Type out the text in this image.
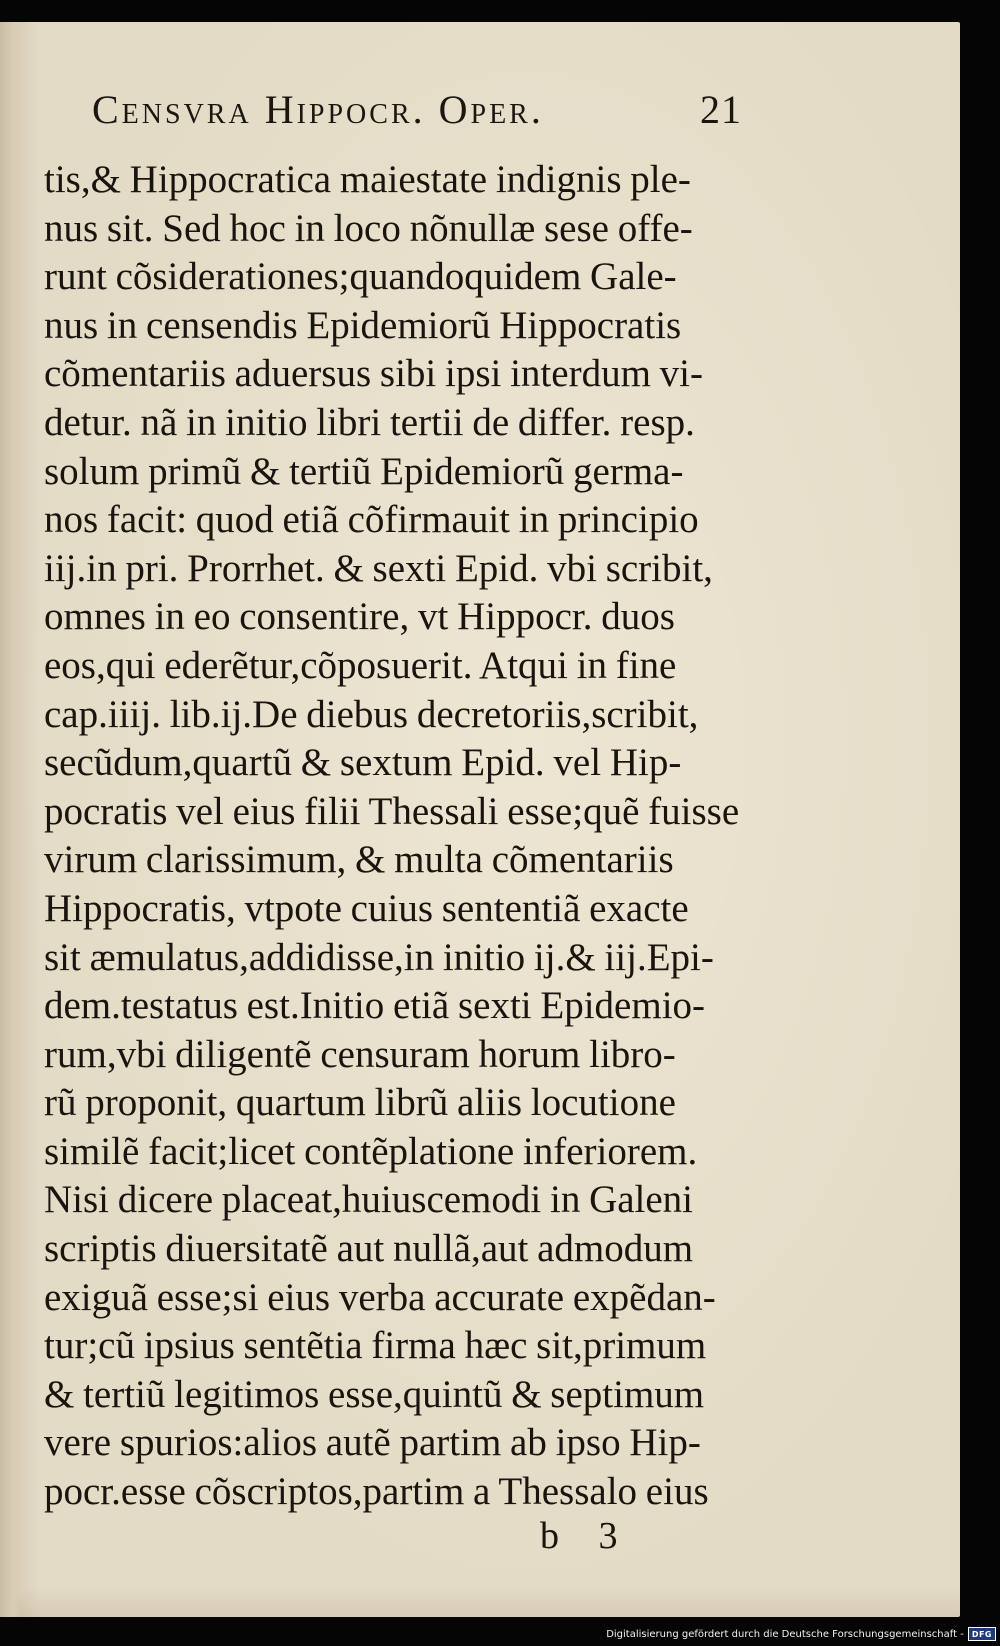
Censvra Hippocr. Oper.	21
tis,& Hippocratica maiestate indignis ple-
nus sit. Sed hoc in loco nõnullæ sese offe-
runt cõsiderationes;quandoquidem Gale-
nus in censendis Epidemiorũ Hippocratis
cõmentariis aduersus sibi ipsi interdum vi-
detur. nã in initio libri tertii de differ. resp.
solum primũ & tertiũ Epidemiorũ germa-
nos facit: quod etiã cõfirmauit in principio
iij.in pri. Prorrhet. & sexti Epid. vbi scribit,
omnes in eo consentire, vt Hippocr. duos
eos,qui ederẽtur,cõposuerit. Atqui in fine
cap.iiij. lib.ij.De diebus decretoriis,scribit,
secũdum,quartũ & sextum Epid. vel Hip-
pocratis vel eius filii Thessali esse;quẽ fuisse
virum clarissimum, & multa cõmentariis
Hippocratis, vtpote cuius sententiã exacte
sit æmulatus,addidisse,in initio ij.& iij.Epi-
dem.testatus est.Initio etiã sexti Epidemio-
rum,vbi diligentẽ censuram horum libro-
rũ proponit, quartum librũ aliis locutione
similẽ facit;licet contẽplatione inferiorem.
Nisi dicere placeat,huiuscemodi in Galeni
scriptis diuersitatẽ aut nullã,aut admodum
exiguã esse;si eius verba accurate expẽdan-
tur;cũ ipsius sentẽtia firma hæc sit,primum
& tertiũ legitimos esse,quintũ & septimum
vere spurios:alios autẽ partim ab ipso Hip-
pocr.esse cõscriptos,partim a Thessalo eius
b 3
Digitalisierung gefördert durch die Deutsche Forschungsgemeinschaft -	DFG
